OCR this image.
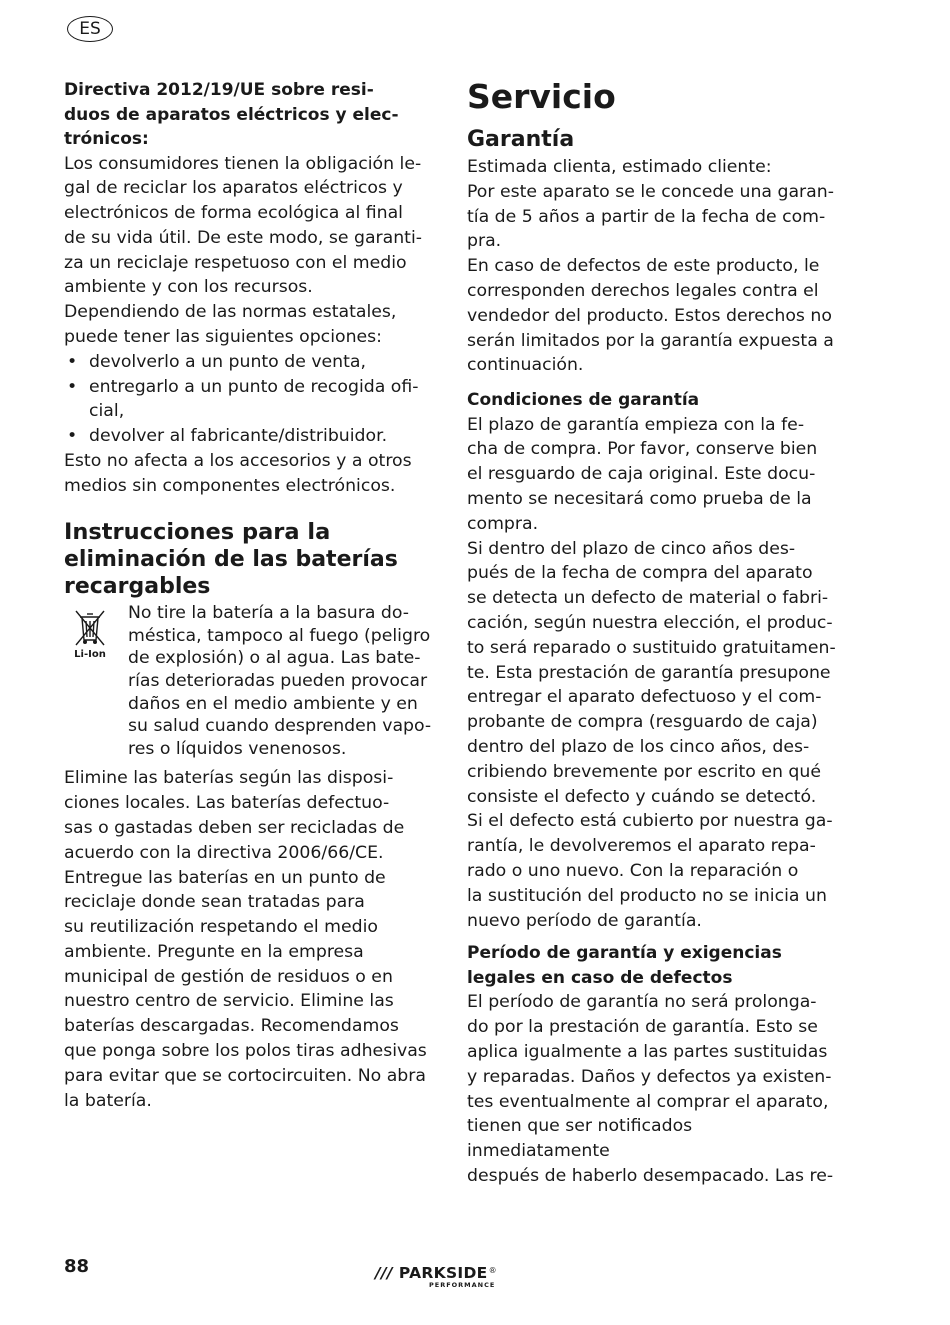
ES
Directiva 2012/19/UE sobre resi-
duos de aparatos eléctricos y elec-
trónicos:

Los consumidores tienen la obligación le-

gal de reciclar los aparatos eléctricos y

electrónicos de forma ecológica al final

de su vida útil. De este modo, se garanti-

za un reciclaje respetuoso con el medio

ambiente y con los recursos.

Dependiendo de las normas estatales,

puede tener las siguientes opciones:

• devolverlo a un punto de venta,
• entregarlo a un punto de recogida ofi-
cial,
• devolver al fabricante/distribuidor.

Esto no afecta a los accesorios y a otros

medios sin componentes electrónicos.

Instrucciones para la
eliminación de las baterías
recargables
Li-Ion

No tire la batería a la basura do-

méstica, tampoco al fuego (peligro

de explosión) o al agua. Las bate-

rías deterioradas pueden provocar

daños en el medio ambiente y en

su salud cuando desprenden vapo-

res o líquidos venenosos.

Elimine las baterías según las disposi-

ciones locales. Las baterías defectuo-

sas o gastadas deben ser recicladas de

acuerdo con la directiva 2006/66/CE.

Entregue las baterías en un punto de

reciclaje donde sean tratadas para

su reutilización respetando el medio

ambiente. Pregunte en la empresa

municipal de gestión de residuos o en

nuestro centro de servicio. Elimine las

baterías descargadas. Recomendamos

que ponga sobre los polos tiras adhesivas

para evitar que se cortocircuiten. No abra

la batería.

Servicio
Garantía

Estimada clienta, estimado cliente:

Por este aparato se le concede una garan-

tía de 5 años a partir de la fecha de com-

pra.

En caso de defectos de este producto, le

corresponden derechos legales contra el

vendedor del producto. Estos derechos no

serán limitados por la garantía expuesta a

continuación.

Condiciones de garantía

El plazo de garantía empieza con la fe-

cha de compra. Por favor, conserve bien

el resguardo de caja original. Este docu-

mento se necesitará como prueba de la

compra.

Si dentro del plazo de cinco años des-

pués de la fecha de compra del aparato

se detecta un defecto de material o fabri-

cación, según nuestra elección, el produc-

to será reparado o sustituido gratuitamen-

te. Esta prestación de garantía presupone

entregar el aparato defectuoso y el com-

probante de compra (resguardo de caja)

dentro del plazo de los cinco años, des-

cribiendo brevemente por escrito en qué

consiste el defecto y cuándo se detectó.

Si el defecto está cubierto por nuestra ga-

rantía, le devolveremos el aparato repa-

rado o uno nuevo. Con la reparación o

la sustitución del producto no se inicia un

nuevo período de garantía.

Período de garantía y exigencias
legales en caso de defectos

El período de garantía no será prolonga-

do por la prestación de garantía. Esto se

aplica igualmente a las partes sustituidas

y reparadas. Daños y defectos ya existen-

tes eventualmente al comprar el aparato,

tienen que ser notificados inmediatamente

después de haberlo desempacado. Las re-

88	/// PARKSIDE ®
PERFORMANCE
